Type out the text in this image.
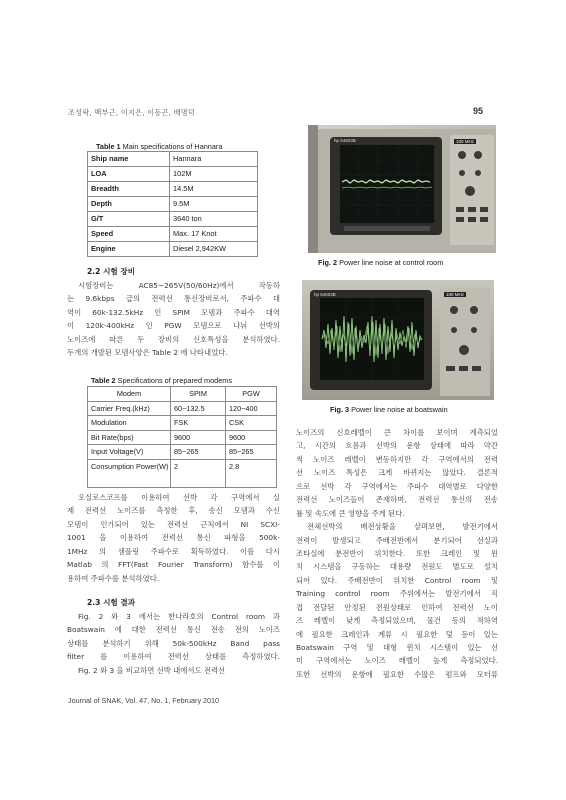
조성락, 백부근, 이지은, 이동곤, 배명덕	95
Table 1 Main specifications of Hannara
Ship name	Hannara
LOA	102M
Breadth	14.5M
Depth	9.5M
G/T	3640 ton
Speed	Max. 17 Knot
Engine	Diesel 2,942KW
2.2 시험 장비
시험장비는 AC85~265V(50/60Hz)에서 작동하
는 9.6kbps 급의 전력선 통신장비로서, 주파수 대
역이 60k-132.5kHz 인 SPIM 모뎀과 주파수 대역
이 120k-400kHz 인 PGW 모뎀으로 나눠 선박의
노이즈에 따른 두 장비의 신호특성을 분석하였다.
두개의 개발된 모뎀사양은 Table 2 에 나타내었다.
Table 2 Specifications of prepared modems
Modem	SPIM	PGW
Carrier Freq.(kHz)	60~132.5	120~400
Modulation	FSK	CSK
Bit Rate(bps)	9600	9600
Input Voltage(V)	85~265	85~265
Consumption Power(W)	2	2.8
오실로스코프를 이용하여 선박 각 구역에서 실
제 전력선 노이즈를 측정한 후, 송신 모뎀과 수신
모뎀이 인가되어 있는 전력선 근처에서 NI SCXI-
1001 을 이용하여 전력선 통신 파형을 500k-
1MHz 의 샘플링 주파수로 획득하였다. 이를 다시
Matlab 의 FFT(Fast Fourier Transform) 함수를 이
용하여 주파수를 분석하였다.
2.3 시험 결과
Fig. 2 와 3 에서는 한나라호의 Control room 과
Boatswain 에 대한 전력선 통신 전송 전의 노이즈
상태를 분석하기 위해 50k-500kHz Band pass
filter 를 이용하여 전력선 상태를 측정하였다.
Fig. 2 와 3 을 비교하면 선박 내에서도 전력선
100 MHz
hp 54603B
Fig. 2 Power line noise at control room
hp 54603B	100 MHz
Fig. 3 Power line noise at boatswain
노이즈의 신호레벨이 큰 차이를 보이며 계측되었
고, 시간의 흐름과 선박의 운항 상태에 따라 약간
씩 노이즈 레벨이 변동하지만 각 구역에서의 전력
선 노이즈 특성은 크게 바뀌지는 않았다. 결론적
으로 선박 각 구역에서는 주파수 대역별로 다양한
전력선 노이즈들이 존재하며, 전력선 통신의 전송
률 및 속도에 큰 영향을 주게 된다.
전체선박의 배전상황을 살펴보면, 발전기에서
전력이 발생되고 주배전반에서 분기되어 선실과
조타실에 분전반이 위치한다. 또한 크레인 및 윈
치 시스템을 구동하는 대용량 전원도 별도로 설치
되어 있다. 주배전반이 위치한 Control room 및
Training control room 주위에서는 발전기에서 직
접 전달된 안정된 전원상태로 인하여 전력선 노이
즈 레벨이 낮게 측정되었으며, 물건 등의 적하역
에 필요한 크레인과 계류 시 필요한 덫 등이 있는
Boatswain 구역 및 대형 윈치 시스템이 있는 선
미 구역에서는 노이즈 레벨이 높게 측정되었다.
또한 선박의 운항에 필요한 수많은 펌프와 모터류
Journal of SNAK, Vol. 47, No. 1, February 2010
